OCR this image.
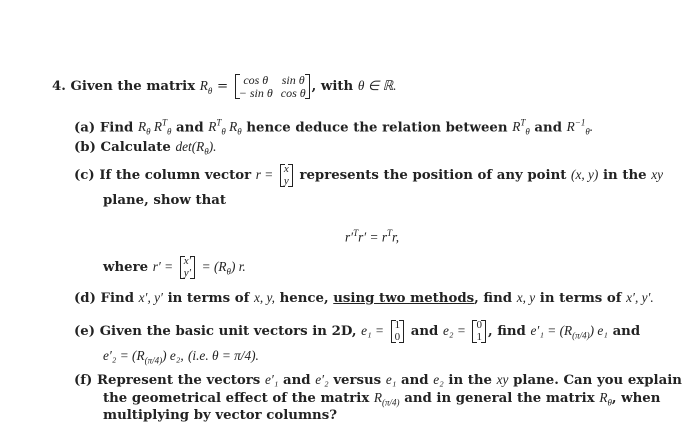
4. Given the matrix $R_\theta$ =	cos θ	sin θ
− sin θ cos θ , with θ ∈ ℝ.
(a) Find $R_\theta$ $R^T_\theta$ and $R^T_\theta$ $R_\theta$ hence deduce the relation between $R^T_\theta$ and $R^{-1}_\theta$.
(b) Calculate $\det(R_\theta)$.
(c) If the column vector r = x
y represents the position of any point (x, y) in the xy
plane, show that
$r'^Tr' = r^Tr$,
where r′ = x′
$y' = (R_\theta)$ r.
(d) Find x′, y′ in terms of x, y, hence, using two methods, find x, y in terms of x′, y′.
(e) Given the basic unit vectors in 2D, e₁ = 1
0 and e₂ = 0
1 , find $e'_1 = (R_{(\pi/4)})$ e₁ and
$e'_2 = (R_{(\pi/4)})$ e₂, (i.e. θ = π/4).
(f) Represent the vectors e′₁ and e′₂ versus e₁ and e₂ in the xy plane. Can you explain
the geometrical effect of the matrix $R_{(\pi/4)}$ and in general the matrix $R_\theta$, when
multiplying by vector columns?
